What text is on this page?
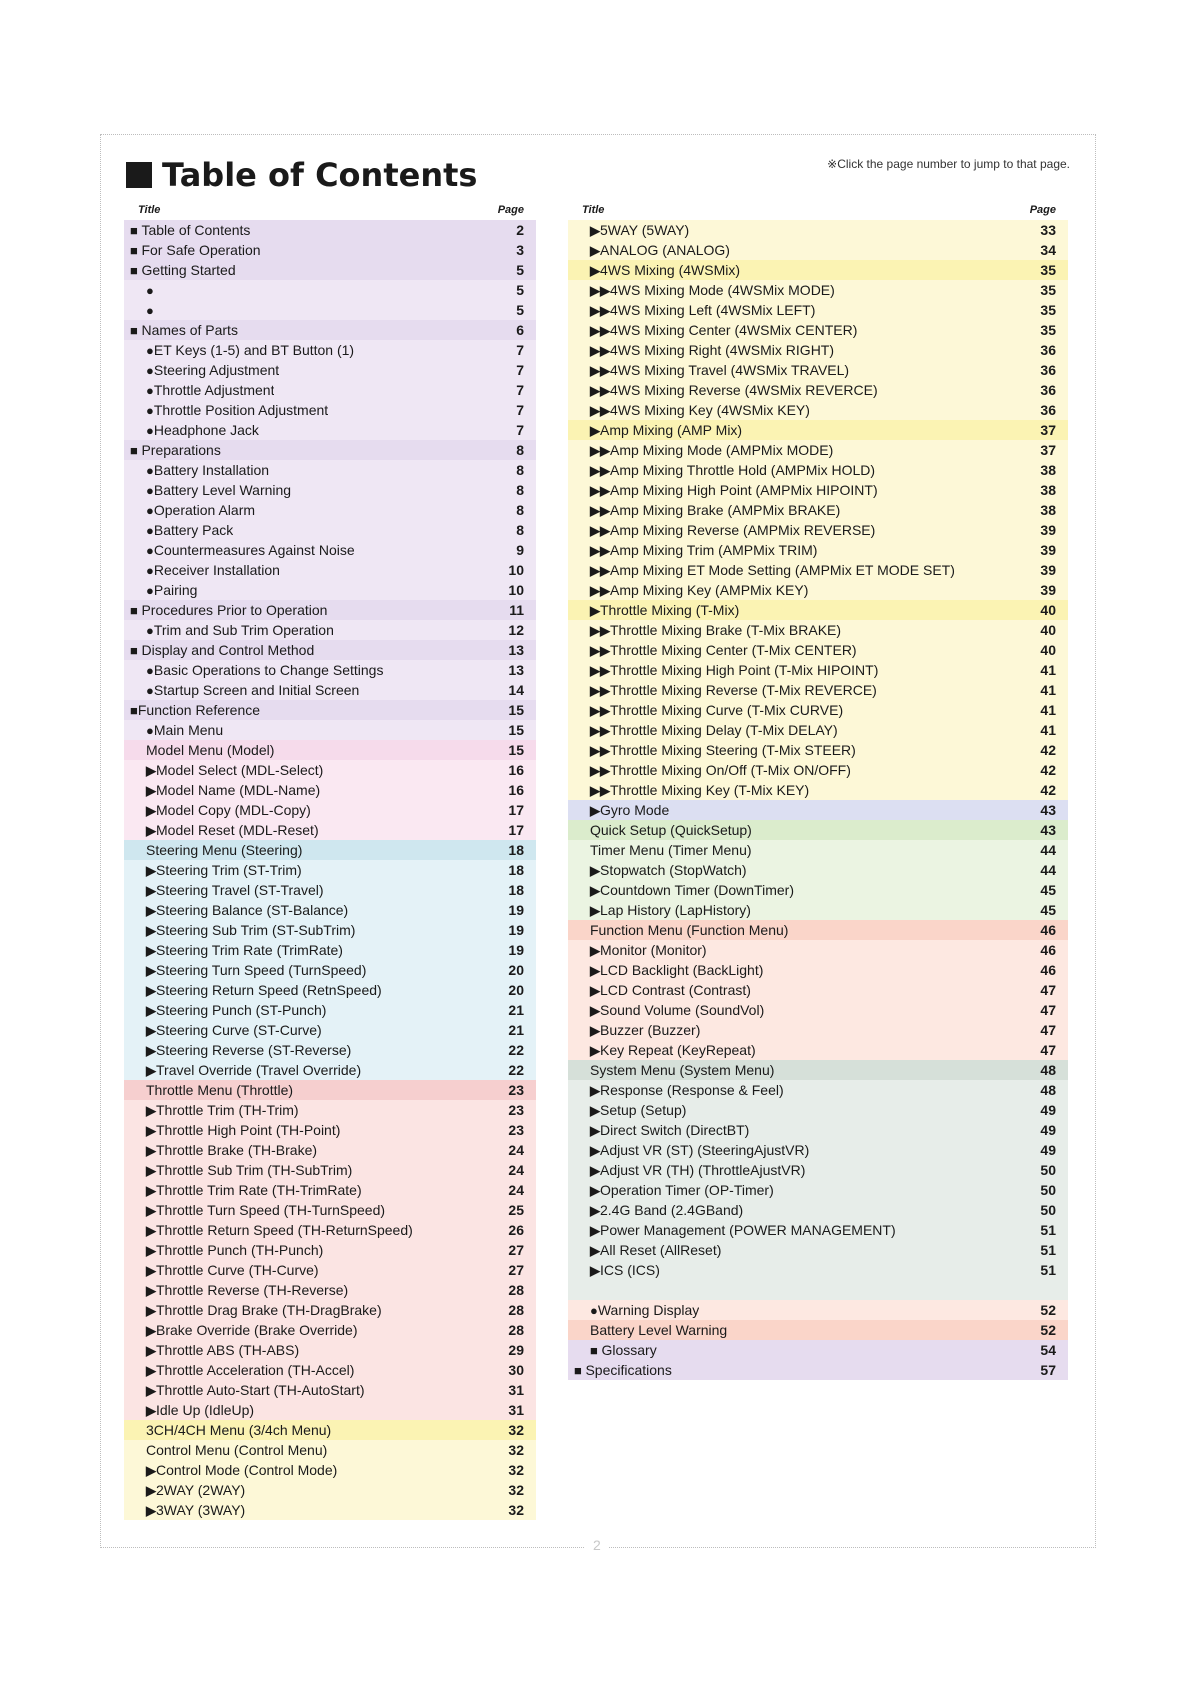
Table of Contents	※Click the page number to jump to that page.
Title	Page
■ Table of Contents	2
■ For Safe Operation	3
■ Getting Started	5
●	5
●	5
■ Names of Parts	6
●ET Keys (1-5) and BT Button (1)	7
●Steering Adjustment	7
●Throttle Adjustment	7
●Throttle Position Adjustment	7
●Headphone Jack	7
■ Preparations	8
●Battery Installation	8
●Battery Level Warning	8
●Operation Alarm	8
●Battery Pack	8
●Countermeasures Against Noise	9
●Receiver Installation	10
●Pairing	10
■ Procedures Prior to Operation	11
●Trim and Sub Trim Operation	12
■ Display and Control Method	13
●Basic Operations to Change Settings	13
●Startup Screen and Initial Screen	14
■Function Reference	15
●Main Menu	15
Model Menu (Model)	15
▶Model Select (MDL-Select)	16
▶Model Name (MDL-Name)	16
▶Model Copy (MDL-Copy)	17
▶Model Reset (MDL-Reset)	17
Steering Menu (Steering)	18
▶Steering Trim (ST-Trim)	18
▶Steering Travel (ST-Travel)	18
▶Steering Balance (ST-Balance)	19
▶Steering Sub Trim (ST-SubTrim)	19
▶Steering Trim Rate (TrimRate)	19
▶Steering Turn Speed (TurnSpeed)	20
▶Steering Return Speed (RetnSpeed)	20
▶Steering Punch (ST-Punch)	21
▶Steering Curve (ST-Curve)	21
▶Steering Reverse (ST-Reverse)	22
▶Travel Override (Travel Override)	22
Throttle Menu (Throttle)	23
▶Throttle Trim (TH-Trim)	23
▶Throttle High Point (TH-Point)	23
▶Throttle Brake (TH-Brake)	24
▶Throttle Sub Trim (TH-SubTrim)	24
▶Throttle Trim Rate (TH-TrimRate)	24
▶Throttle Turn Speed (TH-TurnSpeed)	25
▶Throttle Return Speed (TH-ReturnSpeed)	26
▶Throttle Punch (TH-Punch)	27
▶Throttle Curve (TH-Curve)	27
▶Throttle Reverse (TH-Reverse)	28
▶Throttle Drag Brake (TH-DragBrake)	28
▶Brake Override (Brake Override)	28
▶Throttle ABS (TH-ABS)	29
▶Throttle Acceleration (TH-Accel)	30
▶Throttle Auto-Start (TH-AutoStart)	31
▶Idle Up (IdleUp)	31
3CH/4CH Menu (3/4ch Menu)	32
Control Menu (Control Menu)	32
▶Control Mode (Control Mode)	32
▶2WAY (2WAY)	32
▶3WAY (3WAY)	32
Title	Page
▶5WAY (5WAY)	33
▶ANALOG (ANALOG)	34
▶4WS Mixing (4WSMix)	35
▶▶4WS Mixing Mode (4WSMix MODE)	35
▶▶4WS Mixing Left (4WSMix LEFT)	35
▶▶4WS Mixing Center (4WSMix CENTER)	35
▶▶4WS Mixing Right (4WSMix RIGHT)	36
▶▶4WS Mixing Travel (4WSMix TRAVEL)	36
▶▶4WS Mixing Reverse (4WSMix REVERCE)	36
▶▶4WS Mixing Key (4WSMix KEY)	36
▶Amp Mixing (AMP Mix)	37
▶▶Amp Mixing Mode (AMPMix MODE)	37
▶▶Amp Mixing Throttle Hold (AMPMix HOLD)	38
▶▶Amp Mixing High Point (AMPMix HIPOINT)	38
▶▶Amp Mixing Brake (AMPMix BRAKE)	38
▶▶Amp Mixing Reverse (AMPMix REVERSE)	39
▶▶Amp Mixing Trim (AMPMix TRIM)	39
▶▶Amp Mixing ET Mode Setting (AMPMix ET MODE SET)	39
▶▶Amp Mixing Key (AMPMix KEY)	39
▶Throttle Mixing (T-Mix)	40
▶▶Throttle Mixing Brake (T-Mix BRAKE)	40
▶▶Throttle Mixing Center (T-Mix CENTER)	40
▶▶Throttle Mixing High Point (T-Mix HIPOINT)	41
▶▶Throttle Mixing Reverse (T-Mix REVERCE)	41
▶▶Throttle Mixing Curve (T-Mix CURVE)	41
▶▶Throttle Mixing Delay (T-Mix DELAY)	41
▶▶Throttle Mixing Steering (T-Mix STEER)	42
▶▶Throttle Mixing On/Off (T-Mix ON/OFF)	42
▶▶Throttle Mixing Key (T-Mix KEY)	42
▶Gyro Mode	43
Quick Setup (QuickSetup)	43
Timer Menu (Timer Menu)	44
▶Stopwatch (StopWatch)	44
▶Countdown Timer (DownTimer)	45
▶Lap History (LapHistory)	45
Function Menu (Function Menu)	46
▶Monitor (Monitor)	46
▶LCD Backlight (BackLight)	46
▶LCD Contrast (Contrast)	47
▶Sound Volume (SoundVol)	47
▶Buzzer (Buzzer)	47
▶Key Repeat (KeyRepeat)	47
System Menu (System Menu)	48
▶Response (Response & Feel)	48
▶Setup (Setup)	49
▶Direct Switch (DirectBT)	49
▶Adjust VR (ST) (SteeringAjustVR)	49
▶Adjust VR (TH) (ThrottleAjustVR)	50
▶Operation Timer (OP-Timer)	50
▶2.4G Band (2.4GBand)	50
▶Power Management (POWER MANAGEMENT)	51
▶All Reset (AllReset)	51
▶ICS (ICS)	51
●Warning Display	52
Battery Level Warning	52
■ Glossary	54
■ Specifications	57
2
